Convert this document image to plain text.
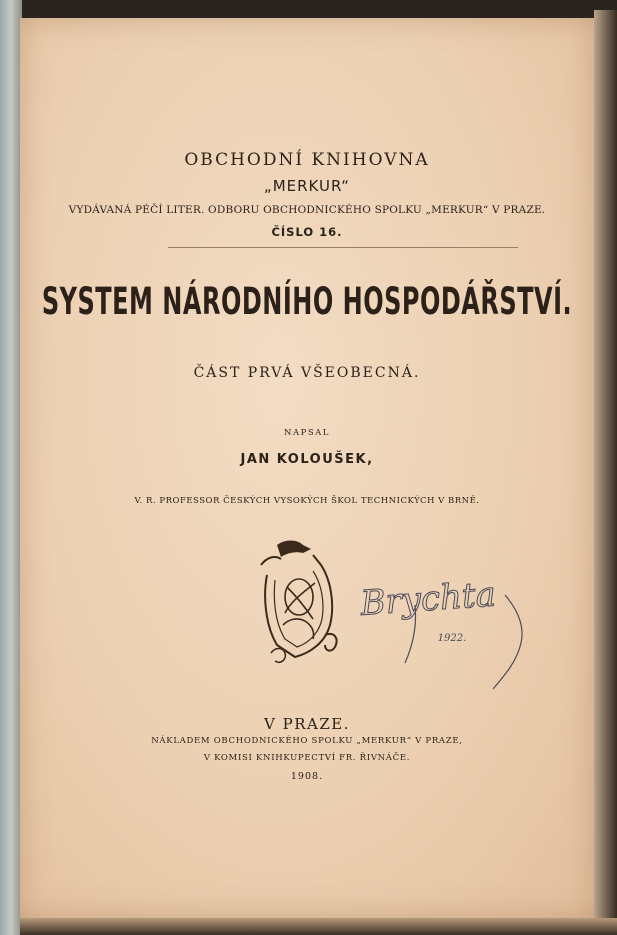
OBCHODNÍ KNIHOVNA
„MERKUR“
VYDÁVANÁ PÉČÍ LITER. ODBORU OBCHODNICKÉHO SPOLKU „MERKUR“ V PRAZE.
ČÍSLO 16.
SYSTEM NÁRODNÍHO HOSPODÁŘSTVÍ.
ČÁST PRVÁ VŠEOBECNÁ.
NAPSAL
JAN KOLOUŠEK,
V. R. PROFESSOR ČESKÝCH VYSOKÝCH ŠKOL TECHNICKÝCH V BRNĚ.
Brychta
1922.
V PRAZE.
NÁKLADEM OBCHODNICKÉHO SPOLKU „MERKUR“ V PRAZE,
V KOMISI KNIHKUPECTVÍ FR. ŘIVNÁČE.
1908.
